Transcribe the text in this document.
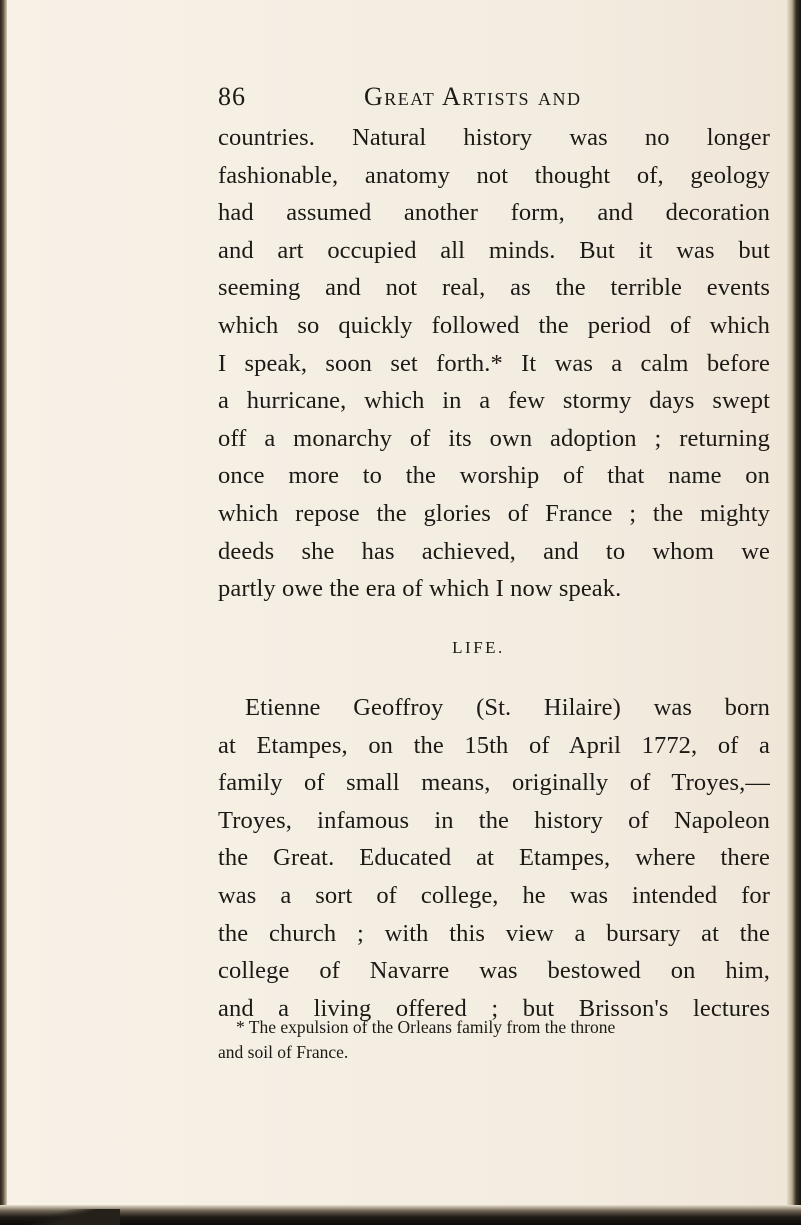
86	Great Artists and
countries. Natural history was no longer
fashionable, anatomy not thought of, geology
had assumed another form, and decoration
and art occupied all minds. But it was but
seeming and not real, as the terrible events
which so quickly followed the period of which
I speak, soon set forth.* It was a calm before
a hurricane, which in a few stormy days swept
off a monarchy of its own adoption ; returning
once more to the worship of that name on
which repose the glories of France ; the mighty
deeds she has achieved, and to whom we
partly owe the era of which I now speak.
LIFE.
Etienne Geoffroy (St. Hilaire) was born
at Etampes, on the 15th of April 1772, of a
family of small means, originally of Troyes,—
Troyes, infamous in the history of Napoleon
the Great. Educated at Etampes, where there
was a sort of college, he was intended for
the church ; with this view a bursary at the
college of Navarre was bestowed on him,
and a living offered ; but Brisson's lectures
* The expulsion of the Orleans family from the throne
and soil of France.
